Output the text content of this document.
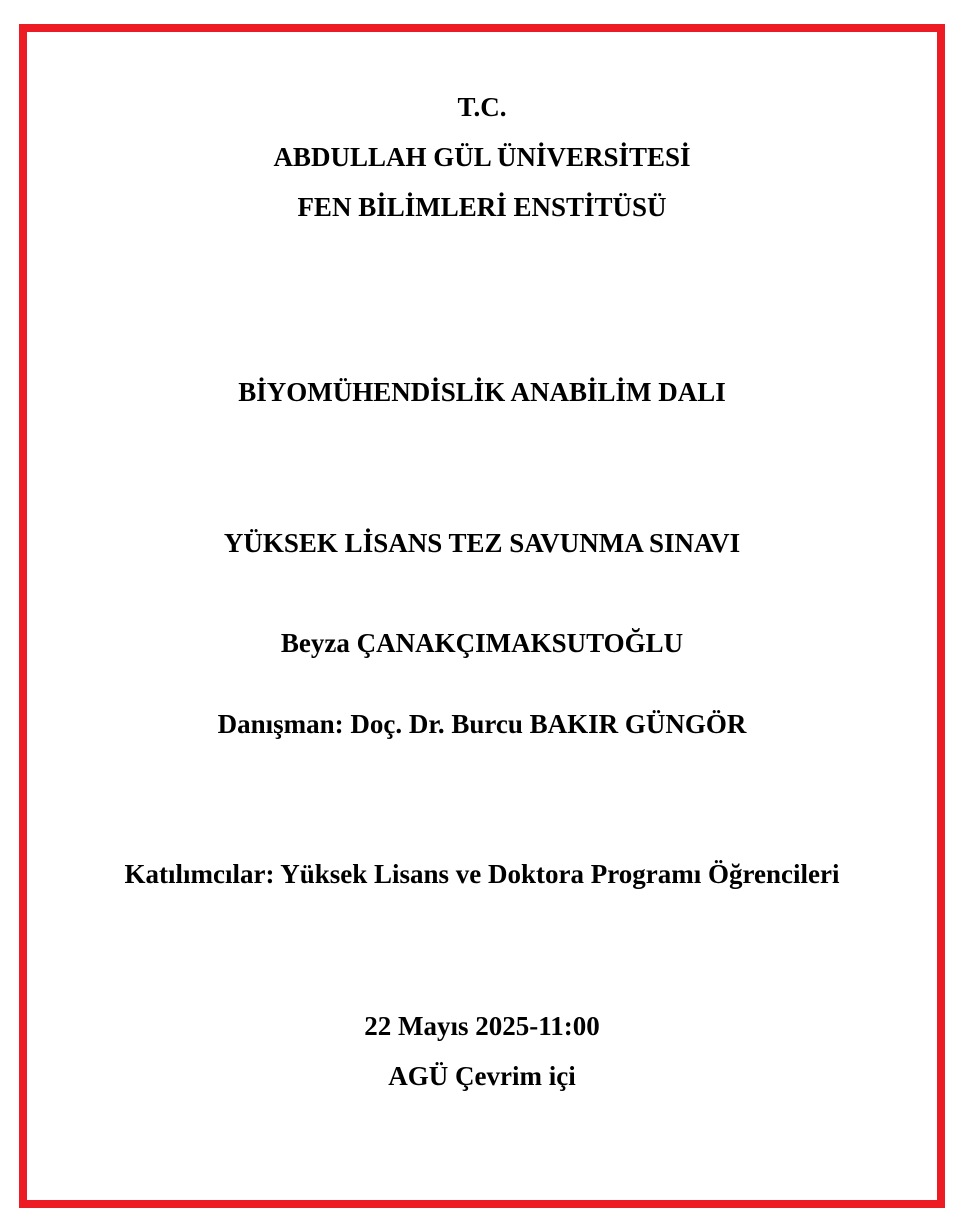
T.C.
ABDULLAH GÜL ÜNİVERSİTESİ
FEN BİLİMLERİ ENSTİTÜSÜ
BİYOMÜHENDİSLİK ANABİLİM DALI
YÜKSEK LİSANS TEZ SAVUNMA SINAVI
Beyza ÇANAKÇIMAKSUTOĞLU
Danışman: Doç. Dr. Burcu BAKIR GÜNGÖR
Katılımcılar: Yüksek Lisans ve Doktora Programı Öğrencileri
22 Mayıs 2025-11:00
AGÜ Çevrim içi
